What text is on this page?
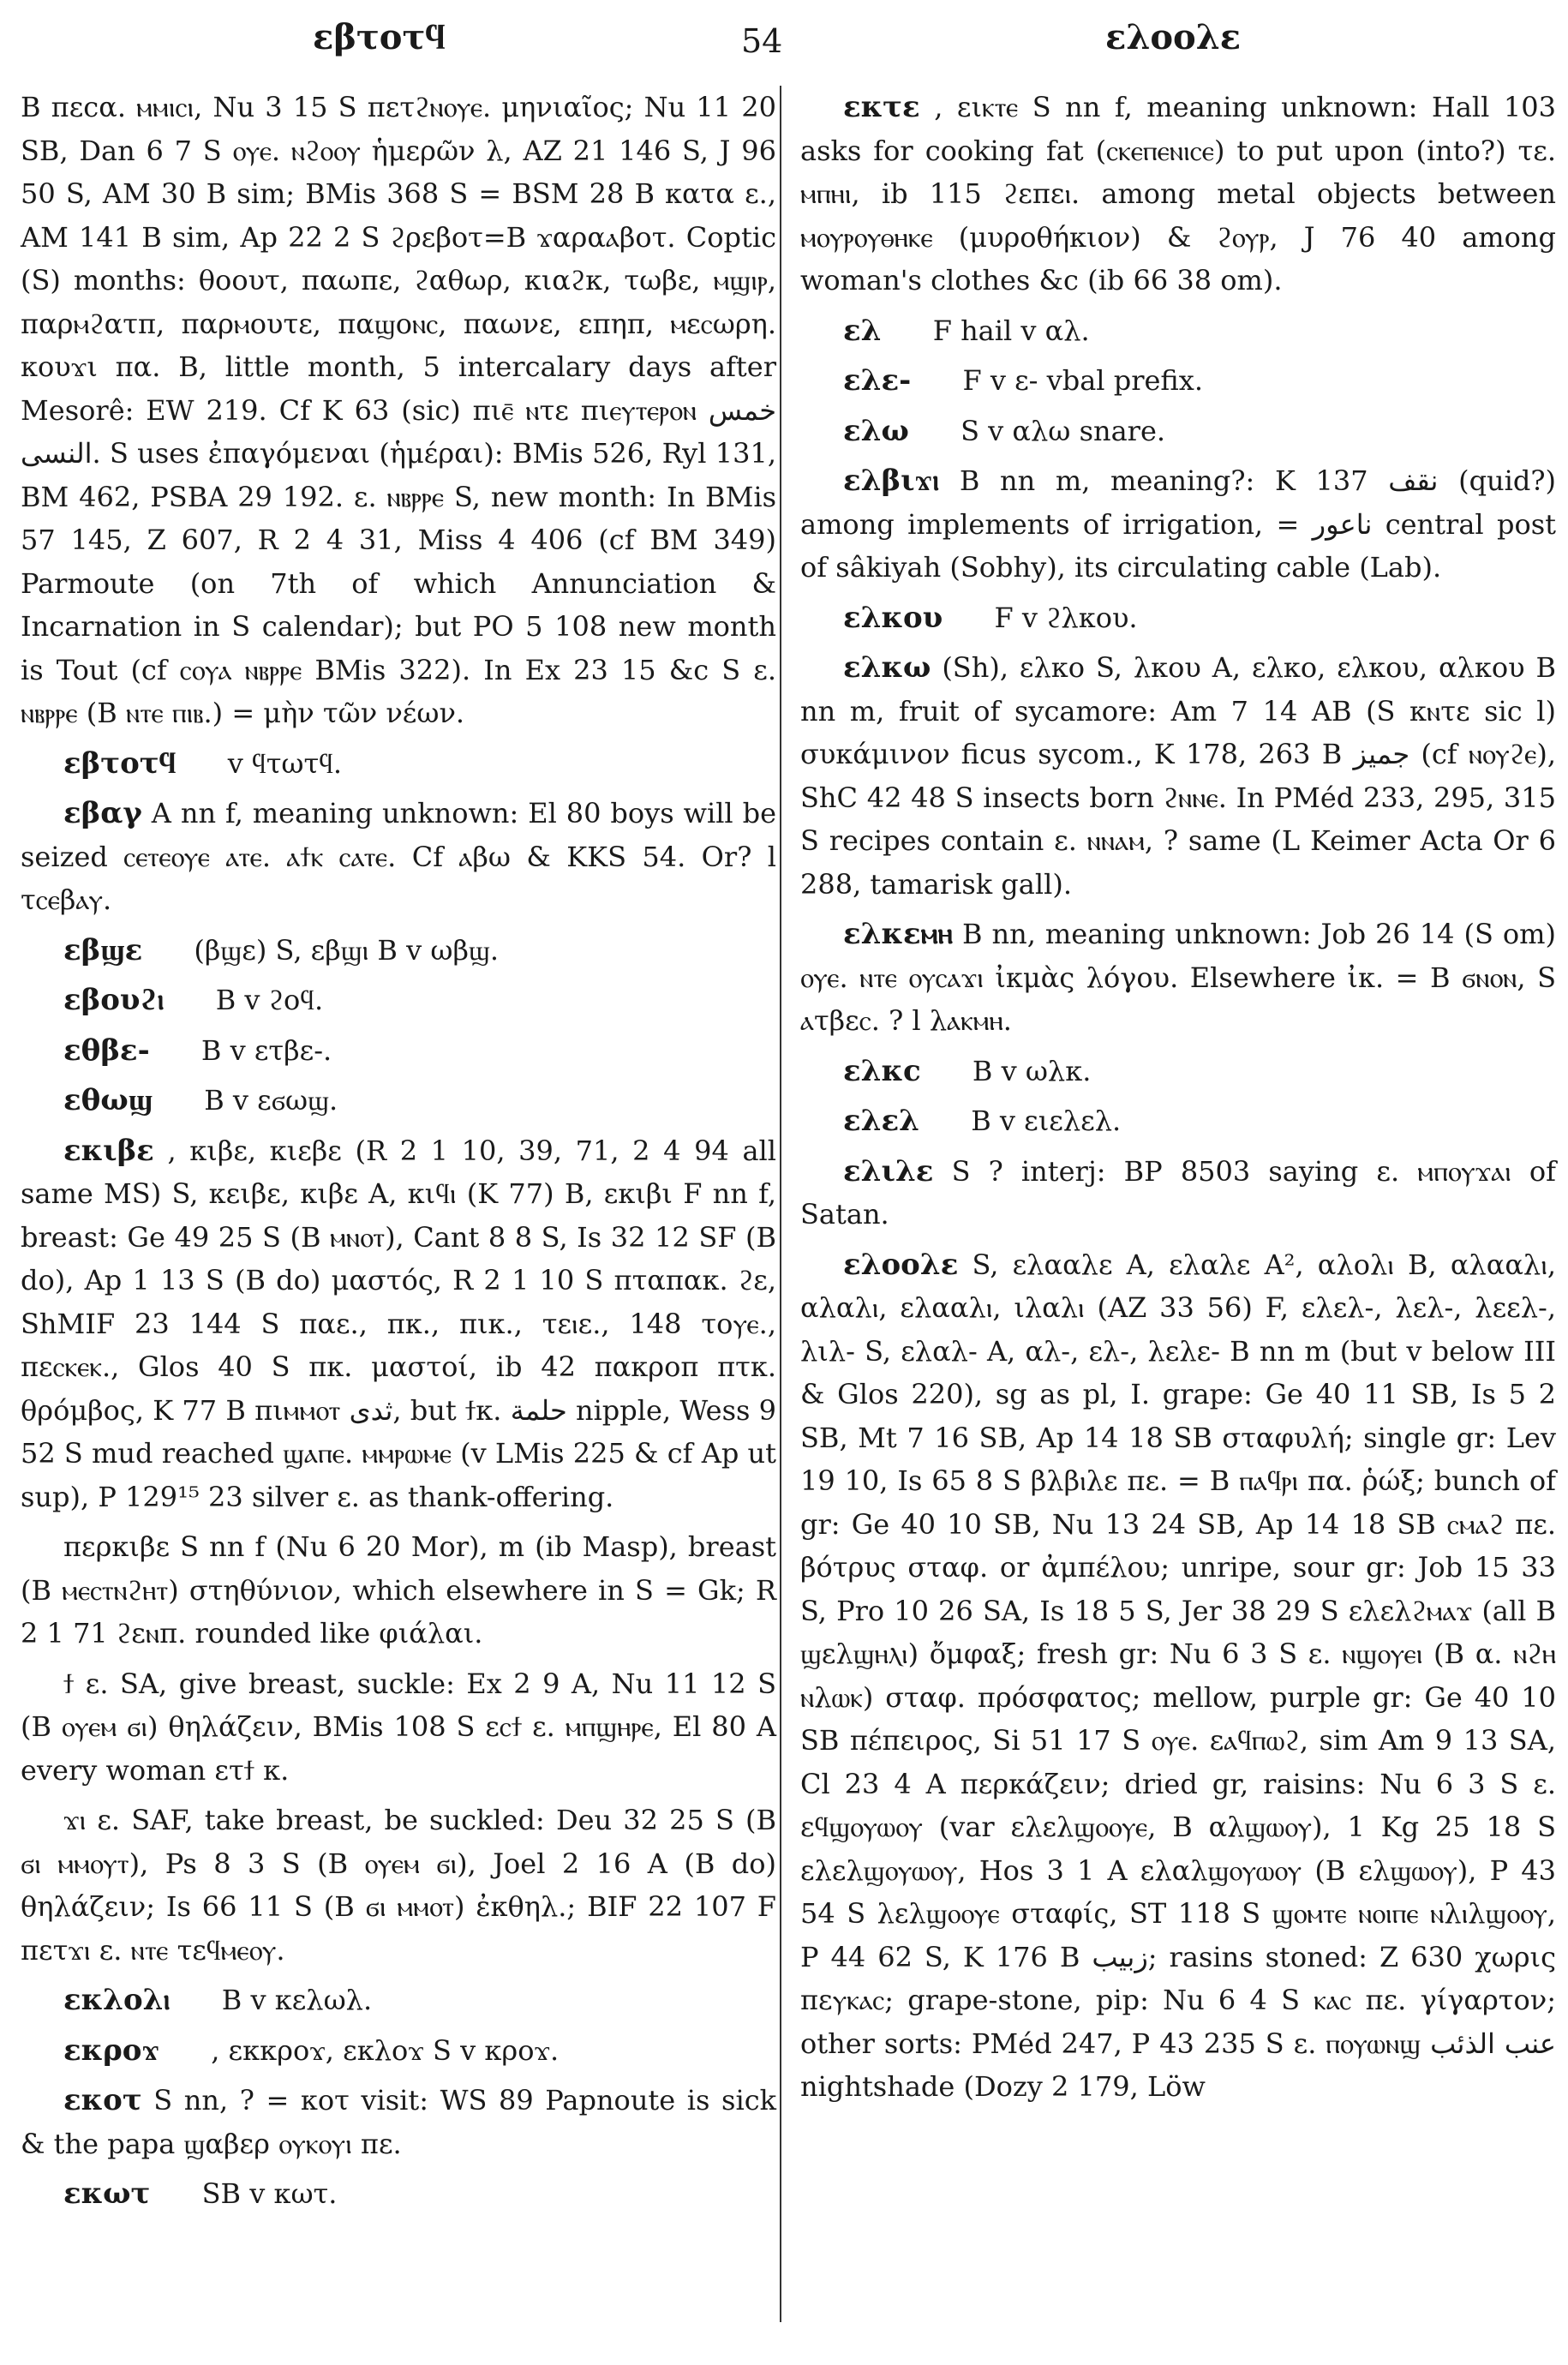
εβτοτϥ	54	ελοολε

B πεcα. ⲙⲙⲓⲥⲓ, Nu 3 15 S πετϩⲛⲟⲩⲉ. μηνιαῖος; Nu 11 20 SB, Dan 6 7 S ⲟⲩⲉ. ⲛϩⲟⲟⲩ ἡμερῶν λ, AZ 21 146 S, J 96 50 S, AM 30 B sim; BMis 368 S = BSM 28 B κατα ε., AM 141 B sim, Ap 22 2 S ϩρεβοτ=B ϫαραⲁβοτ. Coptic (S) months: θοουτ, παωπε, ϩαθωρ, κιαϩκ, τωβε, ⲙϣⲓⲣ, παρⲙϩατπ, παρⲙουτε, παϣοⲛⲥ, παωνε, επηπ, ⲙεⲥωρη. κουϫι πα. B, little month, 5 intercalary days after Mesorê: EW 219. Cf K 63 (sic) πιⲉ̄ ⲛτε πιⲉⲩⲧⲉⲣⲟⲛ خمس النسى. S uses ἐπαγόμεναι (ἡμέραι): BMis 526, Ryl 131, BM 462, PSBA 29 192. ε. ⲛⲃⲣⲣⲉ S, new month: In BMis 57 145, Z 607, R 2 4 31, Miss 4 406 (cf BM 349) Parmoute (on 7th of which Annunciation & Incarnation in S calendar); but PO 5 108 new month is Tout (cf ⲥⲟⲩⲁ ⲛⲃⲣⲣⲉ BMis 322). In Ex 23 15 &c S ε. ⲛⲃⲣⲣⲉ (B ⲛⲧⲉ ⲡⲓⲃ.) = μὴν τῶν νέων.

εβτοτϥ v ϥτωτϥ.

εβαγ A nn f, meaning unknown: El 80 boys will be seized ⲥⲉⲧⲉⲟⲩⲉ ⲁⲧⲉ. ⲁϯⲕ ⲥⲁⲧⲉ. Cf ⲁβω & KKS 54. Or? l τⲥⲉβⲁⲩ.

εβϣε (βϣε) S, εβϣⲓ B v ωβϣ.

εβουϩⲓ B v ϩοϥ.

εθβε- B v ετβε-.

εθωϣ B v εϭωϣ.

εκιβε , κιβε, κιεβε (R 2 1 10, 39, 71, 2 4 94 all same MS) S, κειβε, κιβε A, κιϥⲓ (K 77) B, εκιβι F nn f, breast: Ge 49 25 S (B ⲙⲛⲟⲧ), Cant 8 8 S, Is 32 12 SF (B do), Ap 1 13 S (B do) μαστός, R 2 1 10 S πταπακ. ϩε, ShMIF 23 144 S παε., πκ., πικ., τεⲓε., 148 τοⲩⲉ., πεⲥⲕⲉⲕ., Glos 40 S πκ. μαστοί, ib 42 πακροπ πτκ. θρόμβος, K 77 B πιⲙⲙⲟⲧ ثدى, but ϯκ. حلمة nipple, Wess 9 52 S mud reached ϣⲁⲡⲉ. ⲙⲙⲣⲱⲙⲉ (v LMis 225 & cf Ap ut sup), P 129¹⁵ 23 silver ε. as thank-offering.

περκιβε S nn f (Nu 6 20 Mor), m (ib Masp), breast (B ⲙⲉⲥⲧⲛϩⲏⲧ) στηθύνιον, which elsewhere in S = Gk; R 2 1 71 ϩεⲛπ. rounded like φιάλαι.

ϯ ε. SA, give breast, suckle: Ex 2 9 A, Nu 11 12 S (B ⲟⲩⲉⲙ ϭⲓ) θηλάζειν, BMis 108 S εⲥϯ ε. ⲙⲡϣⲏⲣⲉ, El 80 A every woman ετϯ κ.

ϫⲓ ε. SAF, take breast, be suckled: Deu 32 25 S (B ϭⲓ ⲙⲙⲟⲩⲧ), Ps 8 3 S (B ⲟⲩⲉⲙ ϭⲓ), Joel 2 16 A (B do) θηλάζειν; Is 66 11 S (B ϭⲓ ⲙⲙⲟⲧ) ἐκθηλ.; BIF 22 107 F πετϫⲓ ε. ⲛⲧⲉ τεϥⲙⲉⲟⲩ.

εκλολⲓ B v κελωλ.

εκροϫ , εκκροϫ, εκλοϫ S v κροϫ.

εκοτ S nn, ? = κοτ visit: WS 89 Papnoute is sick & the papa ϣαβερ ⲟⲩⲕⲟⲩⲓ πε.

εκωτ SB v κωτ.

εκτε , ειⲕⲧⲉ S nn f, meaning unknown: Hall 103 asks for cooking fat (ⲥⲕⲉⲡⲉⲛⲓⲥⲉ) to put upon (into?) τε. ⲙⲡⲏⲓ, ib 115 ϩεπεⲓ. among metal objects between ⲙⲟⲩⲣⲟⲩⲑⲏⲕⲉ (μυροθήκιον) & ϩⲟⲩⲣ, J 76 40 among woman's clothes &c (ib 66 38 om).

ελ F hail v αλ.

ελε- F v ε- vbal prefix.

ελω S v αλω snare.

ελβιϫⲓ B nn m, meaning?: K 137 نقف (quid?) among implements of irrigation, = ناعور central post of sâkiyah (Sobhy), its circulating cable (Lab).

ελκου F v ϩλκου.

ελκω (Sh), ελκο S, λκου A, ελκο, ελκου, αλκου B nn m, fruit of sycamore: Am 7 14 AB (S κⲛτε sic l) συκάμινον ficus sycom., K 178, 263 B جميز (cf ⲛⲟⲩϩⲉ), ShC 42 48 S insects born ϩⲛⲛⲉ. In PMéd 233, 295, 315 S recipes contain ε. ⲛⲛⲁⲙ, ? same (L Keimer Acta Or 6 288, tamarisk gall).

ελκεⲙⲏ B nn, meaning unknown: Job 26 14 (S om) ⲟⲩⲉ. ⲛⲧⲉ ⲟⲩⲥⲁϫⲓ ἰκμὰς λόγου. Elsewhere ἰκ. = B ϭⲛⲟⲛ, S ⲁτβεⲥ. ? l λⲁⲕⲙⲏ.

ελκc B v ωλκ.

ελελ B v ειελελ.

ελιλε S ? interj: BP 8503 saying ε. ⲙⲡⲟⲩϫⲁⲓ of Satan.

ελοολε S, ελααλε A, ελαλε A², αλολⲓ B, αλααλⲓ, αλαλⲓ, ελααλⲓ, ιλαλⲓ (AZ 33 56) F, ελελ-, λελ-, λεελ-, λιλ- S, ελαλ- A, αλ-, ελ-, λελε- B nn m (but v below III & Glos 220), sg as pl, I. grape: Ge 40 11 SB, Is 5 2 SB, Mt 7 16 SB, Ap 14 18 SB σταφυλή; single gr: Lev 19 10, Is 65 8 S βλβⲓλε πε. = B ⲡⲁϥⲣⲓ πα. ῥώξ; bunch of gr: Ge 40 10 SB, Nu 13 24 SB, Ap 14 18 SB ⲥⲙⲁϩ πε. βότρυς σταφ. or ἀμπέλου; unripe, sour gr: Job 15 33 S, Pro 10 26 SA, Is 18 5 S, Jer 38 29 S ελελϩⲙⲁϫ (all B ϣελϣⲏⲗⲓ) ὄμφαξ; fresh gr: Nu 6 3 S ε. ⲛϣⲟⲩⲉⲓ (B α. ⲛϩⲏ ⲛλⲱⲕ) σταφ. πρόσφατος; mellow, purple gr: Ge 40 10 SB πέπειρος, Si 51 17 S ⲟⲩⲉ. εⲁϥⲡⲱϩ, sim Am 9 13 SA, Cl 23 4 A περκάζειν; dried gr, raisins: Nu 6 3 S ε. εϥϣⲟⲩⲱⲟⲩ (var ελελϣⲟⲟⲩⲉ, B αλϣⲱⲟⲩ), 1 Kg 25 18 S ελελϣⲟⲩⲱⲟⲩ, Hos 3 1 A ελαλϣⲟⲩⲱⲟⲩ (B ελϣⲱⲟⲩ), P 43 54 S λελϣⲟⲟⲩⲉ σταφίς, ST 118 S ϣⲟⲙⲧⲉ ⲛⲟⲓⲡⲉ ⲛλⲓλϣⲟⲟⲩ, P 44 62 S, K 176 B زبيب; rasins stoned: Z 630 χωρις πεⲩⲕⲁⲥ; grape-stone, pip: Nu 6 4 S ⲕⲁⲥ πε. γίγαρτον; other sorts: PMéd 247, P 43 235 S ε. ⲡⲟⲩⲱⲛϣ عنب الذئب nightshade (Dozy 2 179, Löw
